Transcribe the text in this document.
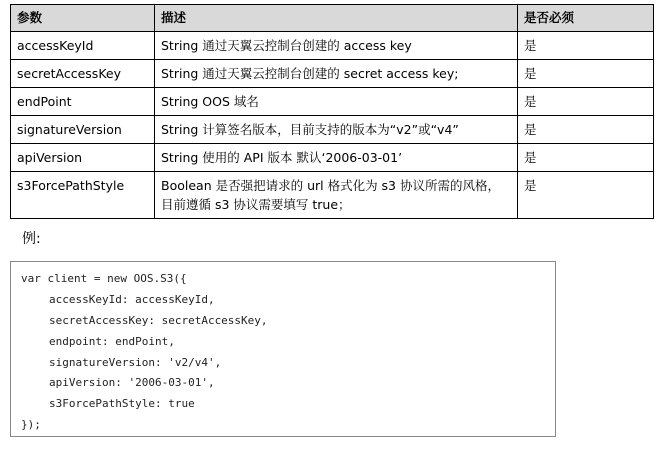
参数	描述	是否必须
accessKeyId	String 通过天翼云控制台创建的 access key	是
secretAccessKey	String 通过天翼云控制台创建的 secret access key;	是
endPoint	String OOS 域名	是
signatureVersion	String 计算签名版本，目前支持的版本为“v2”或“v4”	是
apiVersion	String 使用的 API 版本 默认‘2006-03-01’	是
s3ForcePathStyle	Boolean 是否强把请求的 url 格式化为 s3 协议所需的风格，目前遵循 s3 协议需要填写 true；	是
例:
var client = new OOS.S3({
accessKeyId: accessKeyId,
secretAccessKey: secretAccessKey,
endpoint: endPoint,
signatureVersion: 'v2/v4',
apiVersion: '2006-03-01',
s3ForcePathStyle: true
});
